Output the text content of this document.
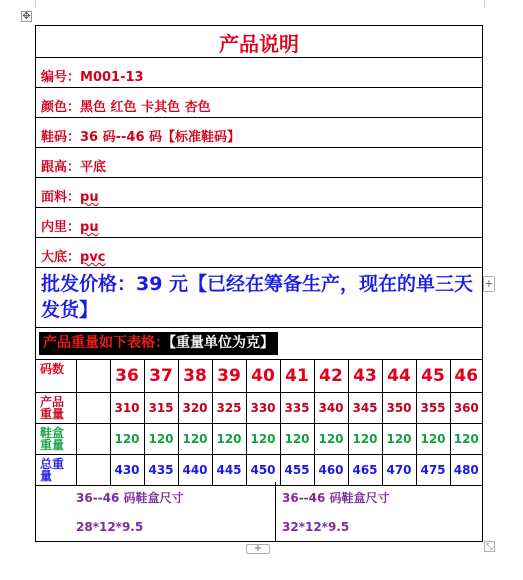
✥
产品说明
编号：M001-13
颜色：黑色 红色 卡其色 杏色
鞋码：36 码--46 码【标准鞋码】
跟高：平底
面料：pu
内里：pu
大底：pvc
批发价格：39 元【已经在筹备生产，现在的单三天发货】
产品重量如下表格：【重量单位为克】
码数		36	37	38	39	40	41	42	43	44	45	46
产品重量		310	315	320	325	330	335	340	345	350	355	360
鞋盒重量		120	120	120	120	120	120	120	120	120	120	120
总重量		430	435	440	445	450	455	460	465	470	475	480
36--46 码鞋盒尺寸
28*12*9.5
36--46 码鞋盒尺寸
32*12*9.5
+
+	⤡
